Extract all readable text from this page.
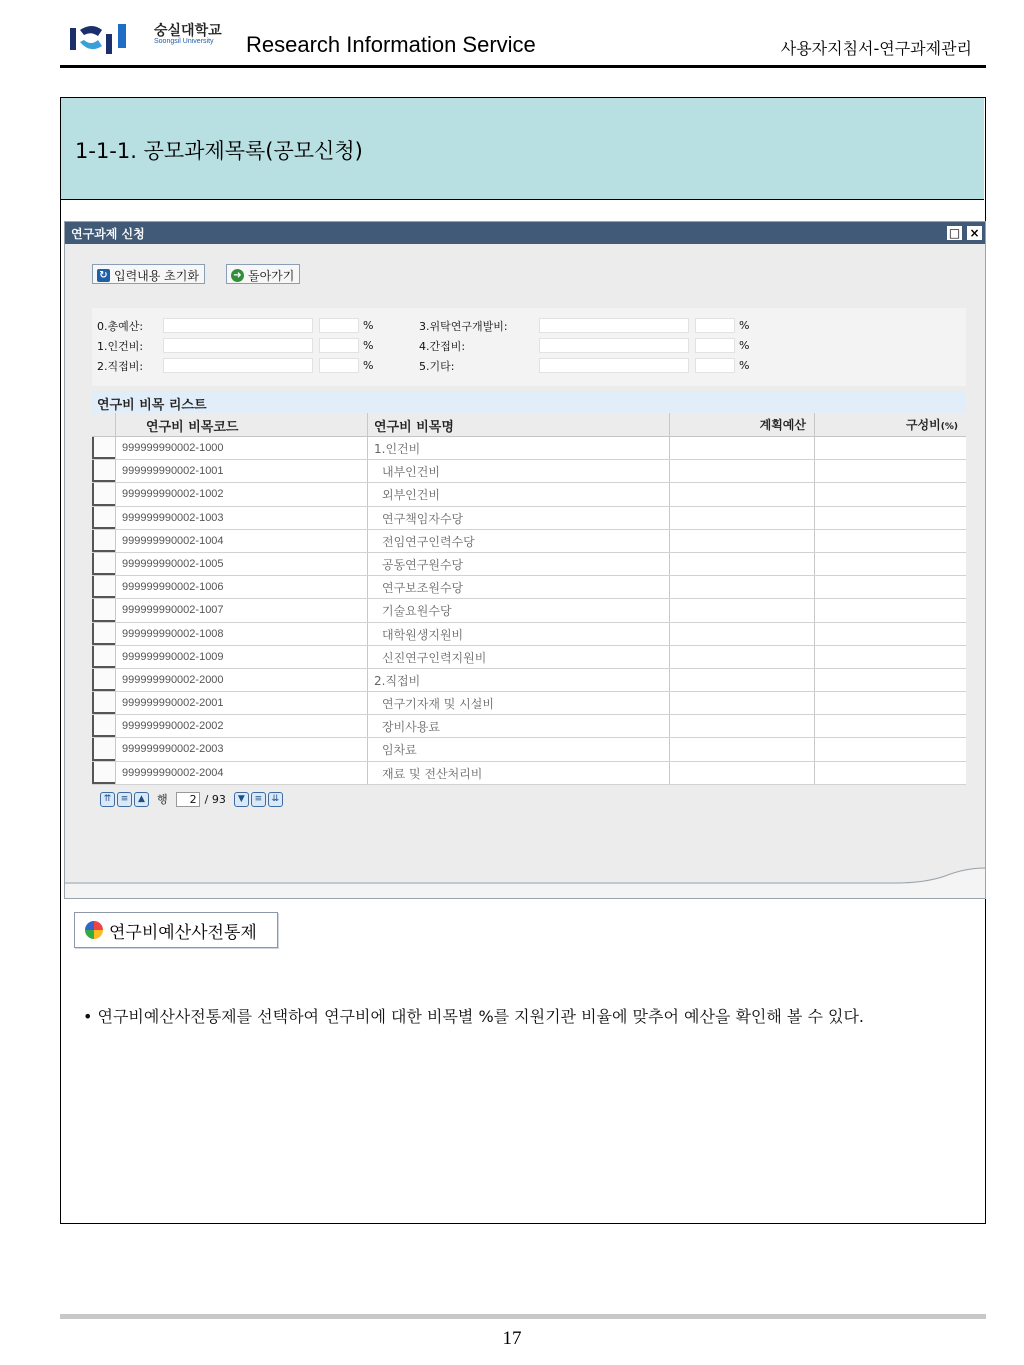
숭실대학교
Soongsil University Research Information Service	사용자지침서-연구과제관리
1-1-1. 공모과제목록(공모신청)
연구과제 신청	□ ×
↻ 입력내용 초기화	➜ 돌아가기
0.총예산:	%
1.인건비:	%
2.직접비:	%
3.위탁연구개발비:	%
4.간접비:	%
5.기타:	%
연구비 비목 리스트
연구비 비목코드	연구비 비목명	계획예산	구성비(%)
999999990002-1000	1.인건비
999999990002-1001	내부인건비
999999990002-1002	외부인건비
999999990002-1003	연구책임자수당
999999990002-1004	전임연구인력수당
999999990002-1005	공동연구원수당
999999990002-1006	연구보조원수당
999999990002-1007	기술요원수당
999999990002-1008	대학원생지원비
999999990002-1009	신진연구인력지원비
999999990002-2000	2.직접비
999999990002-2001	연구기자재 및 시설비
999999990002-2002	장비사용료
999999990002-2003	임차료
999999990002-2004	재료 및 전산처리비
⇈	≡	▲	행	2 / 93	▼	≡	⇊
연구비예산사전통제
• 연구비예산사전통제를 선택하여 연구비에 대한 비목별 %를 지원기관 비율에 맞추어 예산을 확인해 볼 수 있다.
17
